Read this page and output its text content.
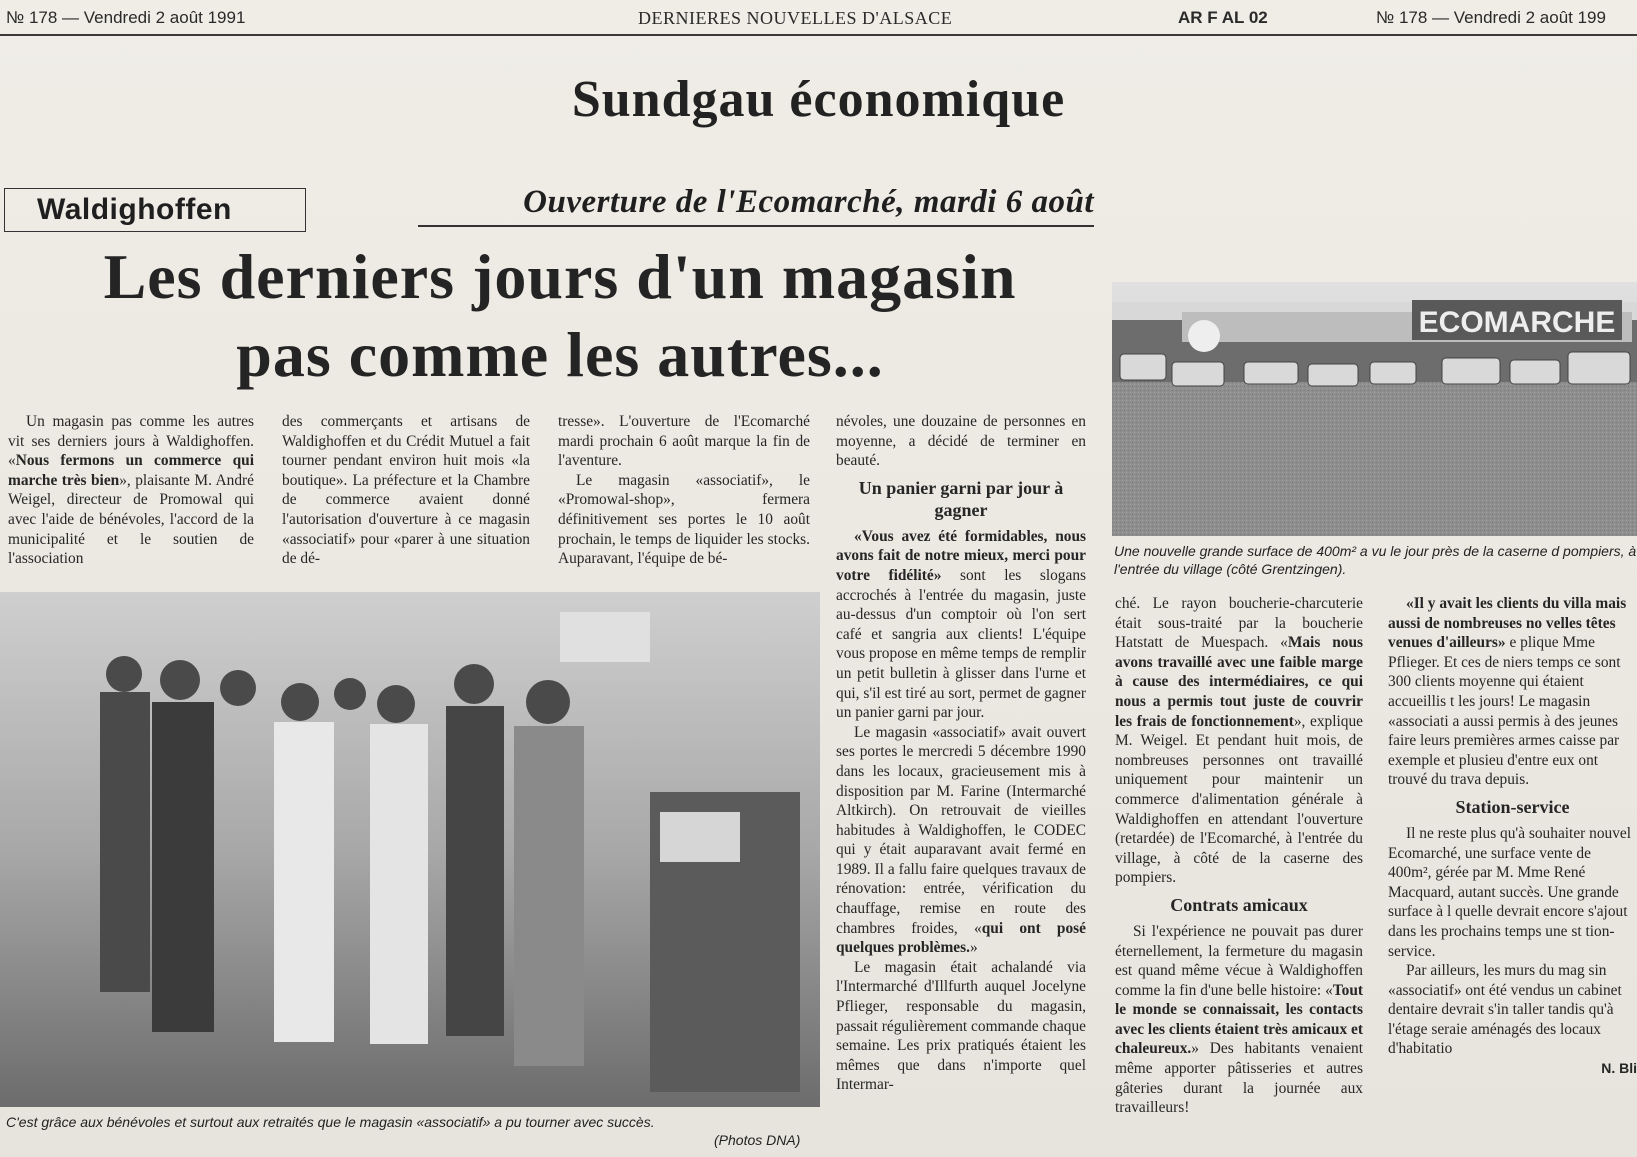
№ 178 — Vendredi 2 août 1991	DERNIERES NOUVELLES D'ALSACE	AR F AL 02	№ 178 — Vendredi 2 août 199
Sundgau économique
Waldighoffen	Ouverture de l'Ecomarché, mardi 6 août
Les derniers jours d'un magasin
pas comme les autres...

Un magasin pas comme les autres vit ses derniers jours à Waldighoffen. «Nous fermons un commerce qui marche très bien», plaisante M. André Weigel, directeur de Promowal qui avec l'aide de bénévoles, l'accord de la municipalité et le soutien de l'association

des commerçants et artisans de Waldighoffen et du Crédit Mutuel a fait tourner pendant environ huit mois «la boutique». La préfecture et la Chambre de commerce avaient donné l'autorisation d'ouverture à ce magasin «associatif» pour «parer à une situation de dé-

tresse». L'ouverture de l'Ecomarché mardi prochain 6 août marque la fin de l'aventure.

Le magasin «associatif», le «Promowal-shop», fermera définitivement ses portes le 10 août prochain, le temps de liquider les stocks. Auparavant, l'équipe de bé-

névoles, une douzaine de personnes en moyenne, a décidé de terminer en beauté.

Un panier garni par jour à gagner

«Vous avez été formidables, nous avons fait de notre mieux, merci pour votre fidélité» sont les slogans accrochés à l'entrée du magasin, juste au-dessus d'un comptoir où l'on sert café et sangria aux clients! L'équipe vous propose en même temps de remplir un petit bulletin à glisser dans l'urne et qui, s'il est tiré au sort, permet de gagner un panier garni par jour.

Le magasin «associatif» avait ouvert ses portes le mercredi 5 décembre 1990 dans les locaux, gracieusement mis à disposition par M. Farine (Intermarché Altkirch). On retrouvait de vieilles habitudes à Waldighoffen, le CODEC qui y était auparavant avait fermé en 1989. Il a fallu faire quelques travaux de rénovation: entrée, vérification du chauffage, remise en route des chambres froides, «qui ont posé quelques problèmes.»

Le magasin était achalandé via l'Intermarché d'Illfurth auquel Jocelyne Pflieger, responsable du magasin, passait régulièrement commande chaque semaine. Les prix pratiqués étaient les mêmes que dans n'importe quel Intermar-

ECOMARCHE
Une nouvelle grande surface de 400m² a vu le jour près de la caserne d pompiers, à l'entrée du village (côté Grentzingen).

ché. Le rayon boucherie-charcuterie était sous-traité par la boucherie Hatstatt de Muespach. «Mais nous avons travaillé avec une faible marge à cause des intermédiaires, ce qui nous a permis tout juste de couvrir les frais de fonctionnement», explique M. Weigel. Et pendant huit mois, de nombreuses personnes ont travaillé uniquement pour maintenir un commerce d'alimentation générale à Waldighoffen en attendant l'ouverture (retardée) de l'Ecomarché, à l'entrée du village, à côté de la caserne des pompiers.

Contrats amicaux

Si l'expérience ne pouvait pas durer éternellement, la fermeture du magasin est quand même vécue à Waldighoffen comme la fin d'une belle histoire: «Tout le monde se connaissait, les contacts avec les clients étaient très amicaux et chaleureux.» Des habitants venaient même apporter pâtisseries et autres gâteries durant la journée aux travailleurs!

«Il y avait les clients du villa mais aussi de nombreuses no velles têtes venues d'ailleurs» e plique Mme Pflieger. Et ces de niers temps ce sont 300 clients moyenne qui étaient accueillis t les jours! Le magasin «associati a aussi permis à des jeunes faire leurs premières armes caisse par exemple et plusieu d'entre eux ont trouvé du trava depuis.

Station-service

Il ne reste plus qu'à souhaiter nouvel Ecomarché, une surface vente de 400m², gérée par M. Mme René Macquard, autant succès. Une grande surface à l quelle devrait encore s'ajout dans les prochains temps une st tion-service.

Par ailleurs, les murs du mag sin «associatif» ont été vendus un cabinet dentaire devrait s'in taller tandis qu'à l'étage seraie aménagés des locaux d'habitatio

N. Bli
C'est grâce aux bénévoles et surtout aux retraités que le magasin «associatif» a pu tourner avec succès.
(Photos DNA)
